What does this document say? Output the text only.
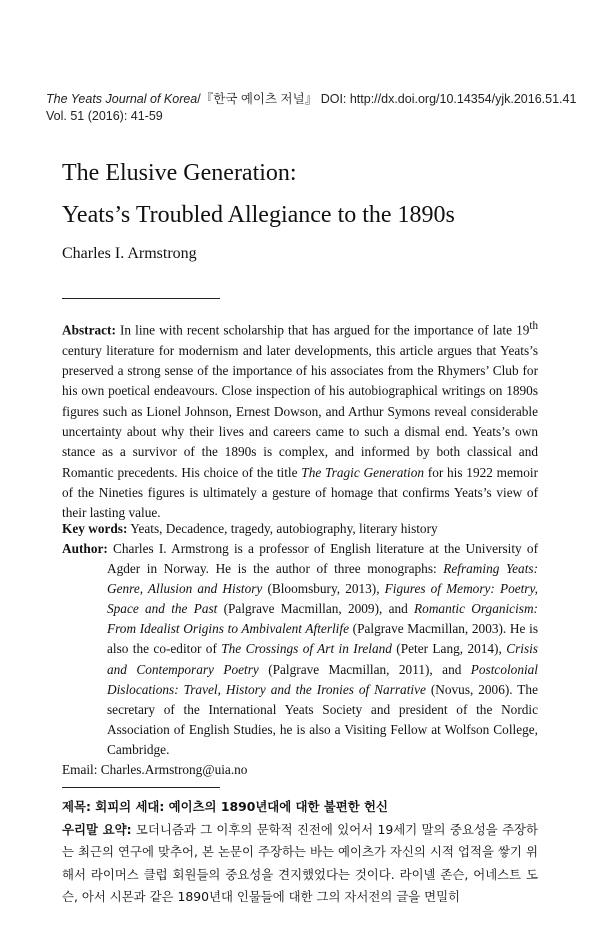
The Yeats Journal of Korea/『한국 예이츠 저널』 DOI: http://dx.doi.org/10.14354/yjk.2016.51.41
Vol. 51 (2016): 41-59
The Elusive Generation:
Yeats’s Troubled Allegiance to the 1890s
Charles I. Armstrong
Abstract: In line with recent scholarship that has argued for the importance of late 19th century literature for modernism and later developments, this article argues that Yeats’s preserved a strong sense of the importance of his associates from the Rhymers’ Club for his own poetical endeavours. Close inspection of his autobiographical writings on 1890s figures such as Lionel Johnson, Ernest Dowson, and Arthur Symons reveal considerable uncertainty about why their lives and careers came to such a dismal end. Yeats’s own stance as a survivor of the 1890s is complex, and informed by both classical and Romantic precedents. His choice of the title The Tragic Generation for his 1922 memoir of the Nineties figures is ultimately a gesture of homage that confirms Yeats’s view of their lasting value.
Key words: Yeats, Decadence, tragedy, autobiography, literary history
Author: Charles I. Armstrong is a professor of English literature at the University of Agder in Norway. He is the author of three monographs: Reframing Yeats: Genre, Allusion and History (Bloomsbury, 2013), Figures of Memory: Poetry, Space and the Past (Palgrave Macmillan, 2009), and Romantic Organicism: From Idealist Origins to Ambivalent Afterlife (Palgrave Macmillan, 2003). He is also the co-editor of The Crossings of Art in Ireland (Peter Lang, 2014), Crisis and Contemporary Poetry (Palgrave Macmillan, 2011), and Postcolonial Dislocations: Travel, History and the Ironies of Narrative (Novus, 2006). The secretary of the International Yeats Society and president of the Nordic Association of English Studies, he is also a Visiting Fellow at Wolfson College, Cambridge.
Email: Charles.Armstrong@uia.no
제목: 회피의 세대: 예이츠의 1890년대에 대한 불편한 헌신
우리말 요약: 모더니즘과 그 이후의 문학적 진전에 있어서 19세기 말의 중요성을 주장하는 최근의 연구에 맞추어, 본 논문이 주장하는 바는 예이츠가 자신의 시적 업적을 쌓기 위해서 라이머스 클럽 회원들의 중요성을 견지했었다는 것이다. 라이넬 존슨, 어네스트 도슨, 아서 시몬과 같은 1890년대 인물들에 대한 그의 자서전의 글을 면밀히
